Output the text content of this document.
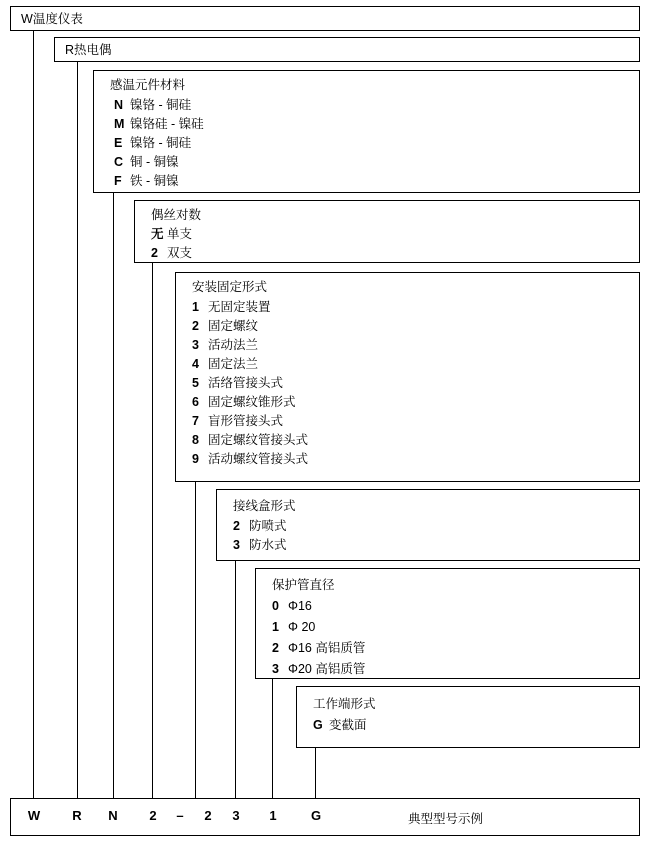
W温度仪表
R热电偶
感温元件材料
N 镍铬 - 铜硅
M 镍铬硅 - 镍硅
E 镍铬 - 铜硅
C 铜 - 铜镍
F 铁 - 铜镍
偶丝对数
无 单支
2 双支
安装固定形式
1 无固定装置
2 固定螺纹
3 活动法兰
4 固定法兰
5 活络管接头式
6 固定螺纹锥形式
7 盲形管接头式
8 固定螺纹管接头式
9 活动螺纹管接头式
接线盒形式
2 防喷式
3 防水式
保护管直径
0 Φ16
1 Φ 20
2 Φ16 高铝质管
3 Φ20 高铝质管
工作端形式
G 变截面
W	R	N	2	–	2	3	1	G	典型型号示例
